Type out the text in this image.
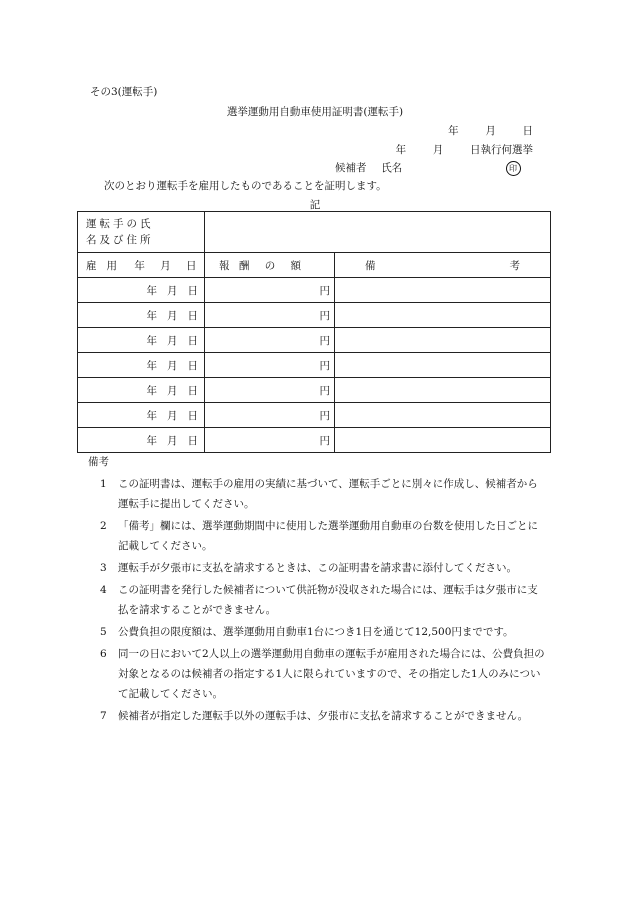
その3(運転手)
選挙運動用自動車使用証明書(運転手)
年	月	日
年	月	日執行何選挙
候補者 氏名	印
次のとおり運転手を雇用したものであることを証明します。
記
運転手の氏
名及び住所		

雇用 年 月 日	報 酬 の 額	備 考

年 月 日	円	
年 月 日	円	
年 月 日	円	
年 月 日	円	
年 月 日	円	
年 月 日	円	
年 月 日	円	
備考
1	この証明書は、運転手の雇用の実績に基づいて、運転手ごとに別々に作成し、候補者から運転手に提出してください。
2	「備考」欄には、選挙運動期間中に使用した選挙運動用自動車の台数を使用した日ごとに記載してください。
3	運転手が夕張市に支払を請求するときは、この証明書を請求書に添付してください。
4	この証明書を発行した候補者について供託物が没収された場合には、運転手は夕張市に支払を請求することができません。
5	公費負担の限度額は、選挙運動用自動車1台につき1日を通じて12,500円までです。
6	同一の日において2人以上の選挙運動用自動車の運転手が雇用された場合には、公費負担の対象となるのは候補者の指定する1人に限られていますので、その指定した1人のみについて記載してください。
7	候補者が指定した運転手以外の運転手は、夕張市に支払を請求することができません。
